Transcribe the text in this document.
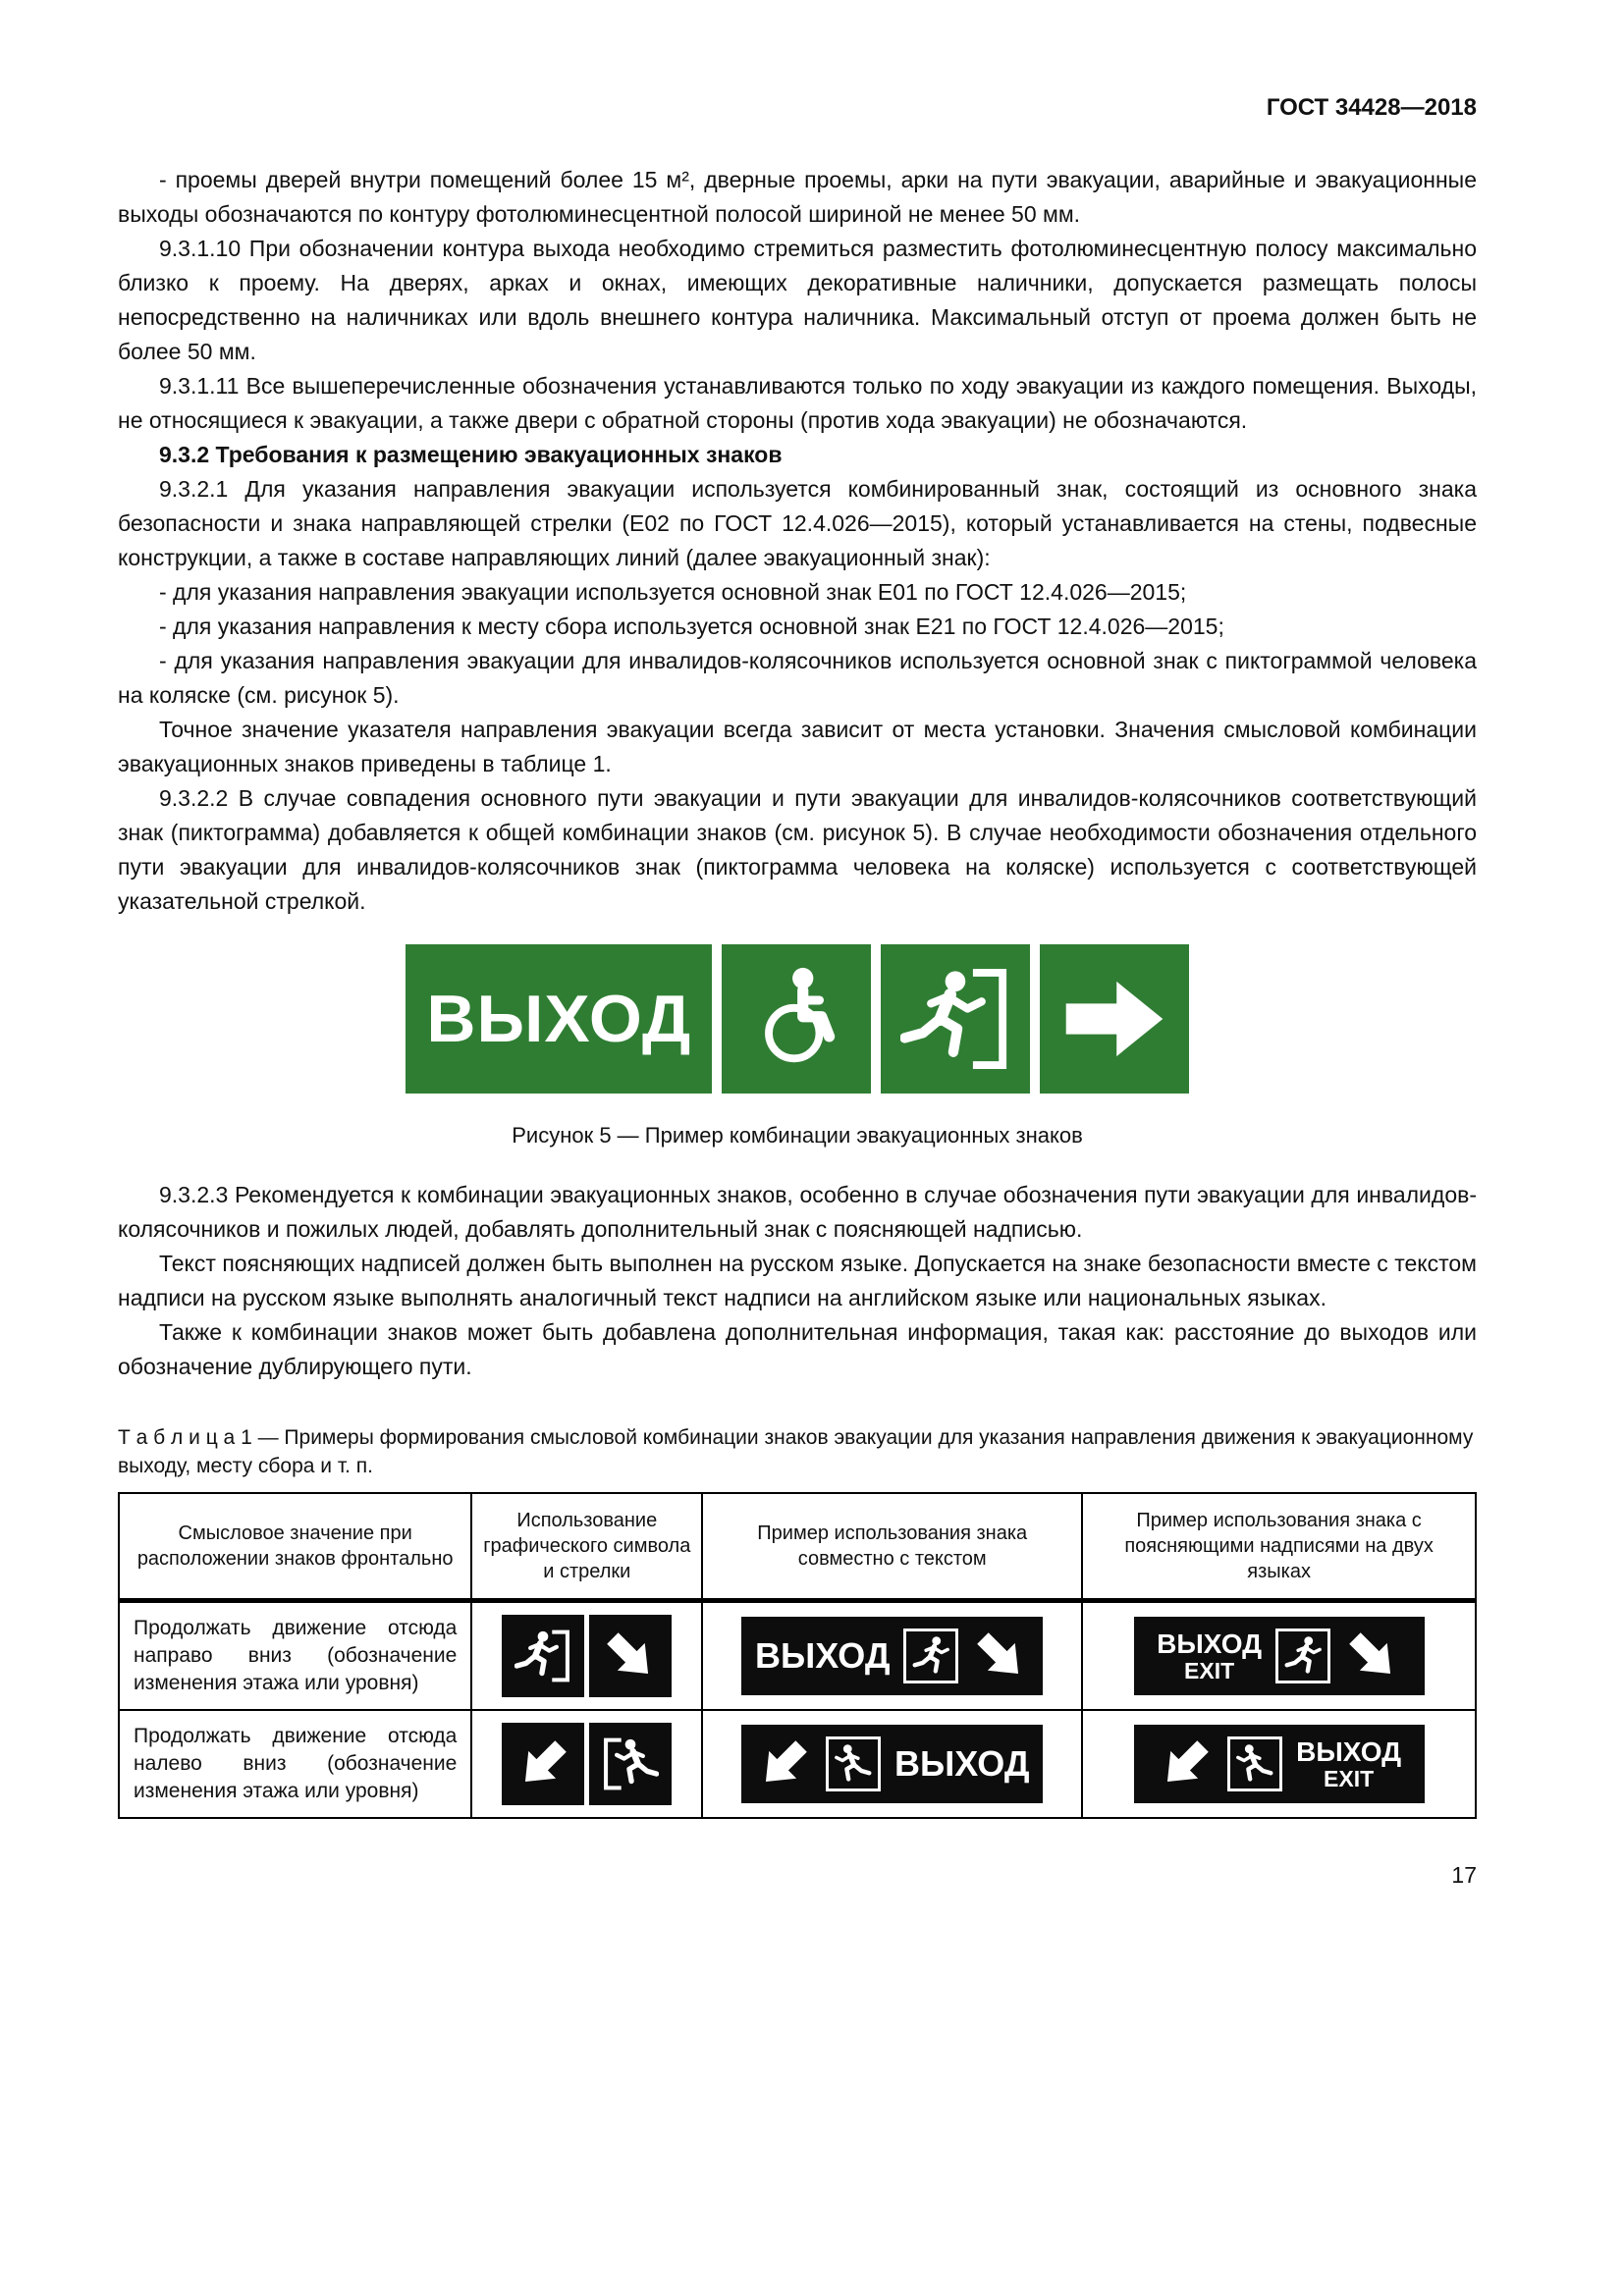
ГОСТ 34428—2018

- проемы дверей внутри помещений более 15 м², дверные проемы, арки на пути эвакуации, аварийные и эвакуационные выходы обозначаются по контуру фотолюминесцентной полосой шириной не менее 50 мм.

9.3.1.10 При обозначении контура выхода необходимо стремиться разместить фотолюминесцентную полосу максимально близко к проему. На дверях, арках и окнах, имеющих декоративные наличники, допускается размещать полосы непосредственно на наличниках или вдоль внешнего контура наличника. Максимальный отступ от проема должен быть не более 50 мм.

9.3.1.11 Все вышеперечисленные обозначения устанавливаются только по ходу эвакуации из каждого помещения. Выходы, не относящиеся к эвакуации, а также двери с обратной стороны (против хода эвакуации) не обозначаются.

9.3.2 Требования к размещению эвакуационных знаков

9.3.2.1 Для указания направления эвакуации используется комбинированный знак, состоящий из основного знака безопасности и знака направляющей стрелки (Е02 по ГОСТ 12.4.026—2015), который устанавливается на стены, подвесные конструкции, а также в составе направляющих линий (далее эвакуационный знак):

- для указания направления эвакуации используется основной знак Е01 по ГОСТ 12.4.026—2015;

- для указания направления к месту сбора используется основной знак Е21 по ГОСТ 12.4.026—2015;

- для указания направления эвакуации для инвалидов-колясочников используется основной знак с пиктограммой человека на коляске (см. рисунок 5).

Точное значение указателя направления эвакуации всегда зависит от места установки. Значения смысловой комбинации эвакуационных знаков приведены в таблице 1.

9.3.2.2 В случае совпадения основного пути эвакуации и пути эвакуации для инвалидов-колясочников соответствующий знак (пиктограмма) добавляется к общей комбинации знаков (см. рисунок 5). В случае необходимости обозначения отдельного пути эвакуации для инвалидов-колясочников знак (пиктограмма человека на коляске) используется с соответствующей указательной стрелкой.

ВЫХОД

Рисунок 5 — Пример комбинации эвакуационных знаков

9.3.2.3 Рекомендуется к комбинации эвакуационных знаков, особенно в случае обозначения пути эвакуации для инвалидов-колясочников и пожилых людей, добавлять дополнительный знак с поясняющей надписью.

Текст поясняющих надписей должен быть выполнен на русском языке. Допускается на знаке безопасности вместе с текстом надписи на русском языке выполнять аналогичный текст надписи на английском языке или национальных языках.

Также к комбинации знаков может быть добавлена дополнительная информация, такая как: расстояние до выходов или обозначение дублирующего пути.

Т а б л и ц а 1 — Примеры формирования смысловой комбинации знаков эвакуации для указания направления движения к эвакуационному выходу, месту сбора и т. п.

Смысловое значение при расположении знаков фронтально	Использование графического символа и стрелки	Пример использования знака совместно с текстом	Пример использования знака с поясняющими надписями на двух языках
Продолжать движение отсюда направо вниз (обозначение изменения этажа или уровня)		ВЫХОД	ВЫХОД
EXIT

Продолжать движение отсюда налево вниз (обозначение изменения этажа или уровня)		ВЫХОД	ВЫХОД
EXIT
17
